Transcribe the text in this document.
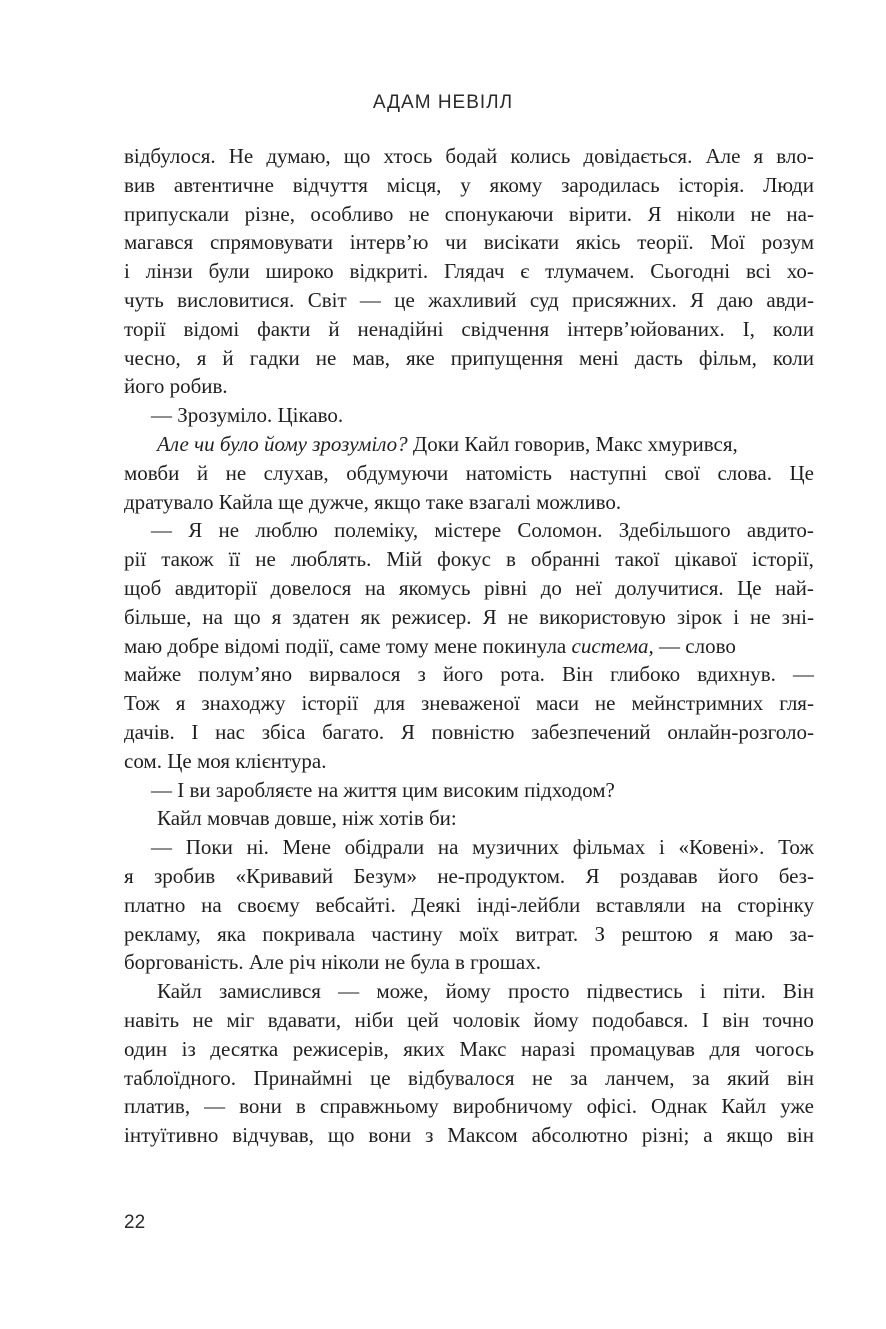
АДАМ НЕВІЛЛ
відбулося. Не думаю, що хтось бодай колись довідається. Але я вло-
вив автентичне відчуття місця, у якому зародилась історія. Люди
припускали різне, особливо не спонукаючи вірити. Я ніколи не на-
магався спрямовувати інтерв’ю чи висікати якісь теорії. Мої розум
і лінзи були широко відкриті. Глядач є тлумачем. Сьогодні всі хо-
чуть висловитися. Світ — це жахливий суд присяжних. Я даю авди-
торії відомі факти й ненадійні свідчення інтерв’юйованих. І, коли
чесно, я й гадки не мав, яке припущення мені дасть фільм, коли
його робив.
— Зрозуміло. Цікаво.
Але чи було йому зрозуміло? Доки Кайл говорив, Макс хмурився,
мовби й не слухав, обдумуючи натомість наступні свої слова. Це
дратувало Кайла ще дужче, якщо таке взагалі можливо.
— Я не люблю полеміку, містере Соломон. Здебільшого авдито-
рії також її не люблять. Мій фокус в обранні такої цікавої історії,
щоб авдиторії довелося на якомусь рівні до неї долучитися. Це най-
більше, на що я здатен як режисер. Я не використовую зірок і не зні-
маю добре відомі події, саме тому мене покинула система, — слово
майже полум’яно вирвалося з його рота. Він глибоко вдихнув. —
Тож я знаходжу історії для зневаженої маси не мейнстримних гля-
дачів. І нас збіса багато. Я повністю забезпечений онлайн-розголо-
сом. Це моя клієнтура.
— І ви заробляєте на життя цим високим підходом?
Кайл мовчав довше, ніж хотів би:
— Поки ні. Мене обідрали на музичних фільмах і «Ковені». Тож
я зробив «Кривавий Безум» не-продуктом. Я роздавав його без-
платно на своєму вебсайті. Деякі інді-лейбли вставляли на сторінку
рекламу, яка покривала частину моїх витрат. З рештою я маю за-
боргованість. Але річ ніколи не була в грошах.
Кайл замислився — може, йому просто підвестись і піти. Він
навіть не міг вдавати, ніби цей чоловік йому подобався. І він точно
один із десятка режисерів, яких Макс наразі промацував для чогось
таблоїдного. Принаймні це відбувалося не за ланчем, за який він
платив, — вони в справжньому виробничому офісі. Однак Кайл уже
інтуїтивно відчував, що вони з Максом абсолютно різні; а якщо він
22
